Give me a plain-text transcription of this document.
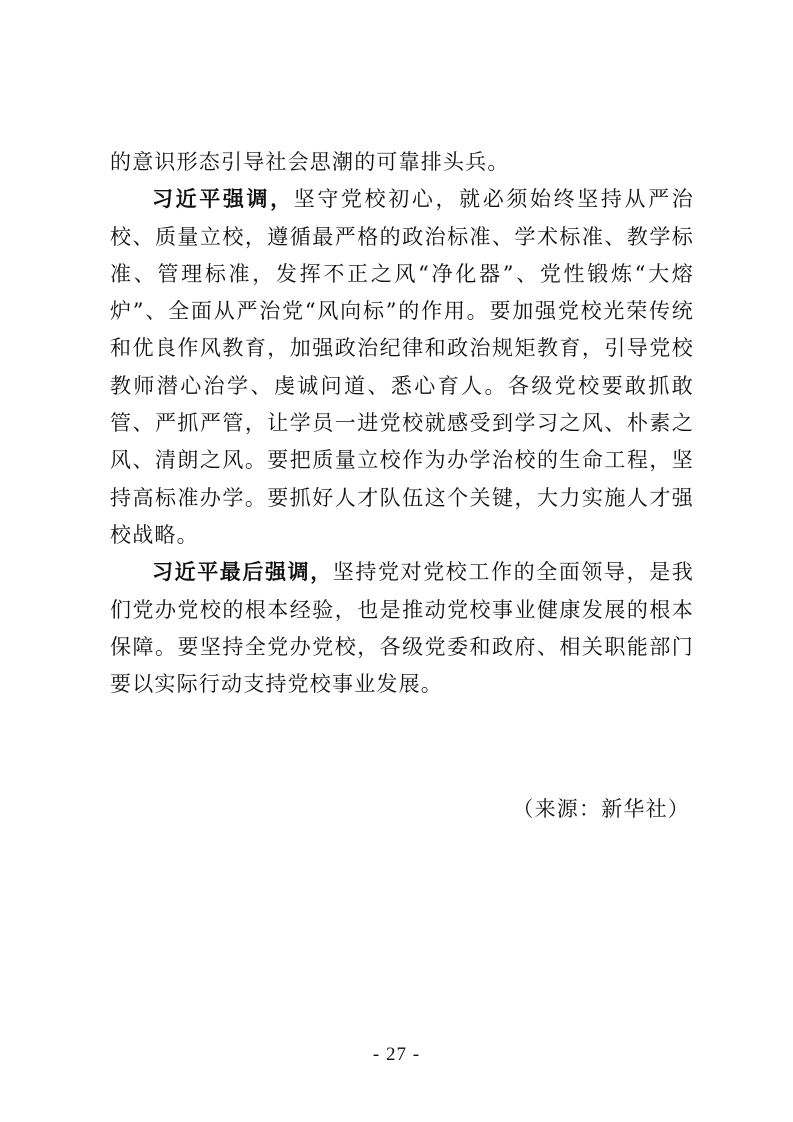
的意识形态引导社会思潮的可靠排头兵。

习近平强调，坚守党校初心，就必须始终坚持从严治校、质量立校，遵循最严格的政治标准、学术标准、教学标准、管理标准，发挥不正之风“净化器”、党性锻炼“大熔炉”、全面从严治党“风向标”的作用。要加强党校光荣传统和优良作风教育，加强政治纪律和政治规矩教育，引导党校教师潜心治学、虔诚问道、悉心育人。各级党校要敢抓敢管、严抓严管，让学员一进党校就感受到学习之风、朴素之风、清朗之风。要把质量立校作为办学治校的生命工程，坚持高标准办学。要抓好人才队伍这个关键，大力实施人才强校战略。

习近平最后强调，坚持党对党校工作的全面领导，是我们党办党校的根本经验，也是推动党校事业健康发展的根本保障。要坚持全党办党校，各级党委和政府、相关职能部门要以实际行动支持党校事业发展。

（来源：新华社）
- 27 -
